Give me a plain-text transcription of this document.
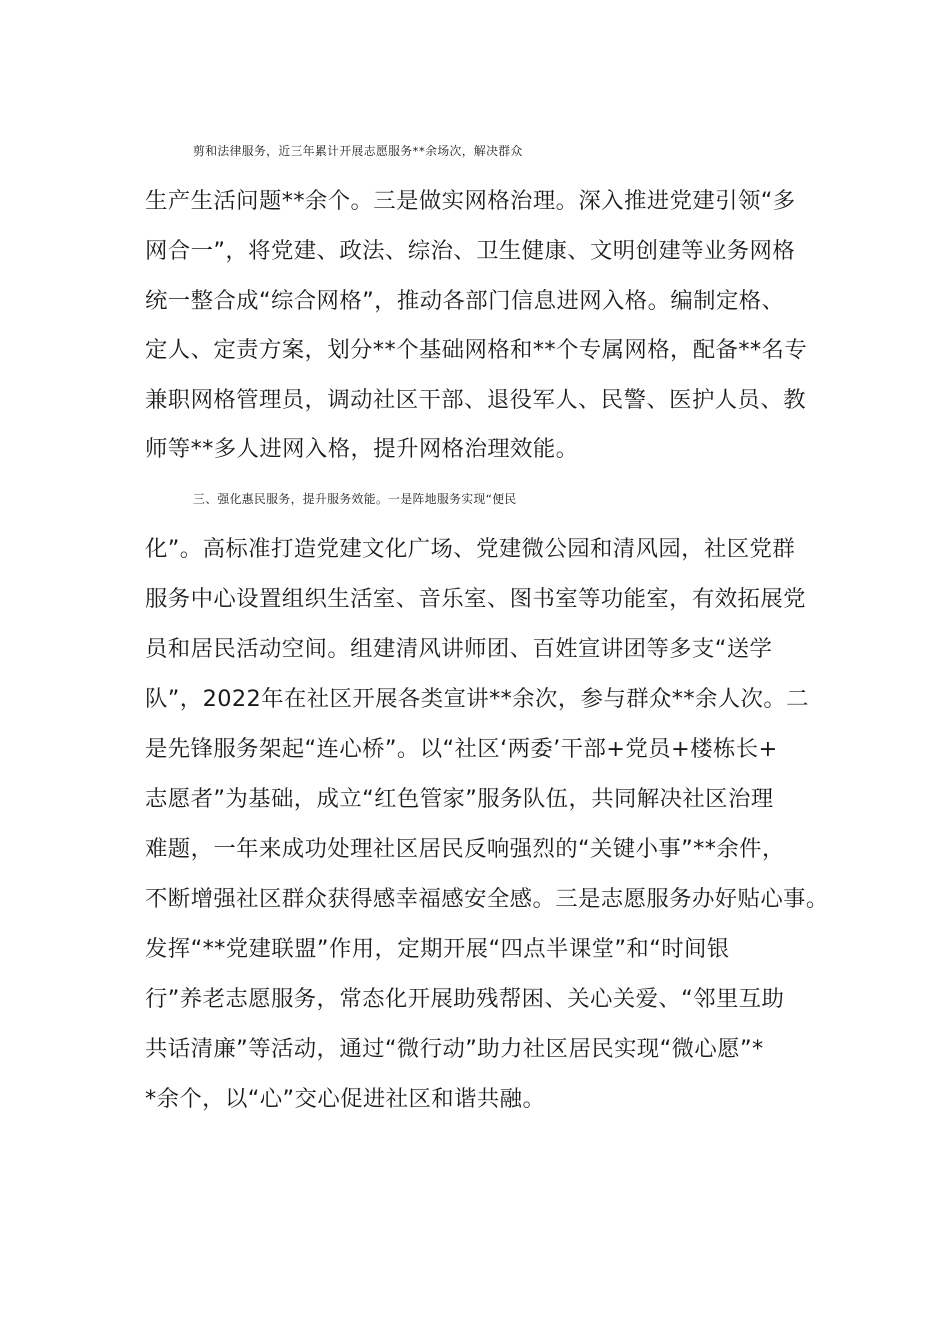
剪和法律服务，近三年累计开展志愿服务**余场次，解决群众
生产生活问题**余个。三是做实网格治理。深入推进党建引领“多
网合一”，将党建、政法、综治、卫生健康、文明创建等业务网格
统一整合成“综合网格”，推动各部门信息进网入格。编制定格、
定人、定责方案，划分**个基础网格和**个专属网格，配备**名专
兼职网格管理员，调动社区干部、退役军人、民警、医护人员、教
师等**多人进网入格，提升网格治理效能。
三、强化惠民服务，提升服务效能。一是阵地服务实现“便民
化”。高标准打造党建文化广场、党建微公园和清风园，社区党群
服务中心设置组织生活室、音乐室、图书室等功能室，有效拓展党
员和居民活动空间。组建清风讲师团、百姓宣讲团等多支“送学
队”，2022年在社区开展各类宣讲**余次，参与群众**余人次。二
是先锋服务架起“连心桥”。以“社区‘两委’干部+党员+楼栋长+
志愿者”为基础，成立“红色管家”服务队伍，共同解决社区治理
难题，一年来成功处理社区居民反响强烈的“关键小事”**余件，
不断增强社区群众获得感幸福感安全感。三是志愿服务办好贴心事。
发挥“**党建联盟”作用，定期开展“四点半课堂”和“时间银
行”养老志愿服务，常态化开展助残帮困、关心关爱、“邻里互助
共话清廉”等活动，通过“微行动”助力社区居民实现“微心愿”*
*余个，以“心”交心促进社区和谐共融。
